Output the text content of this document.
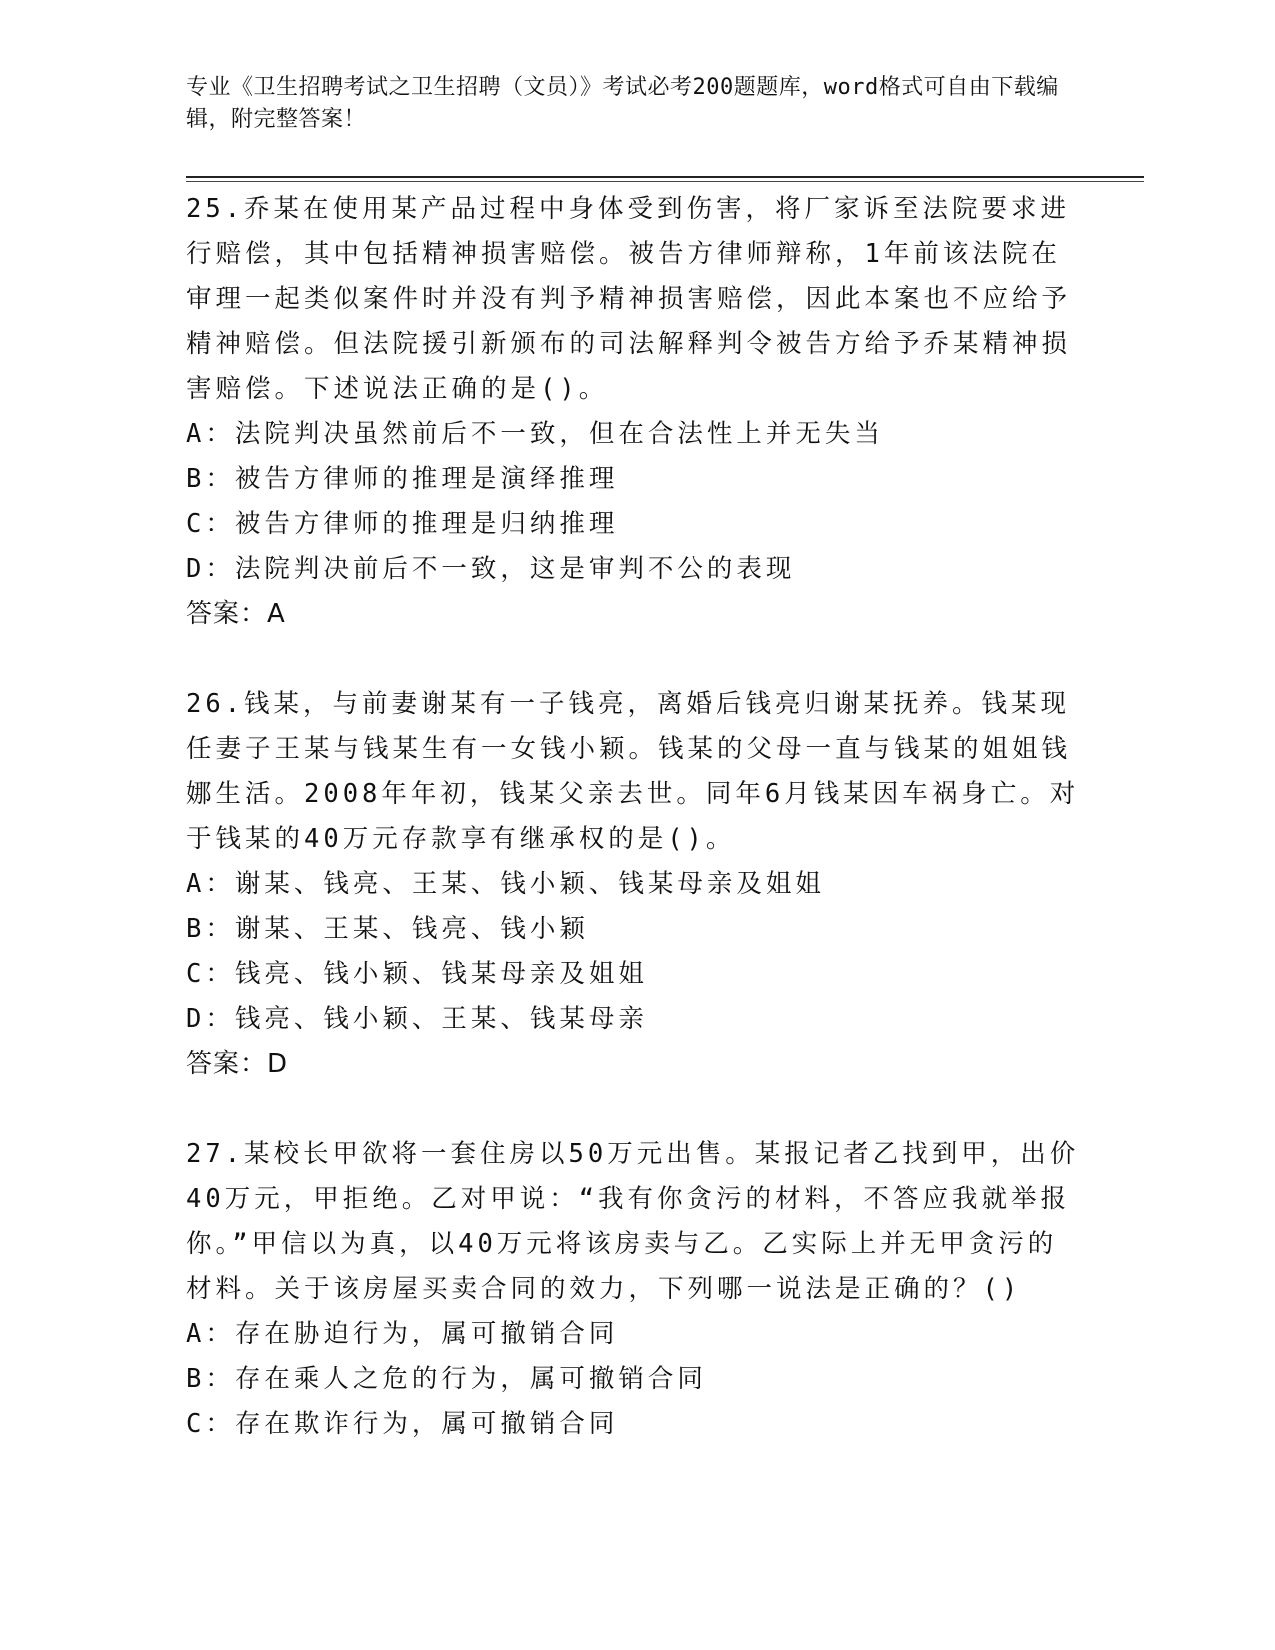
专业《卫生招聘考试之卫生招聘（文员）》考试必考200题题库，word格式可自由下载编辑，附完整答案！
25.乔某在使用某产品过程中身体受到伤害，将厂家诉至法院要求进行赔偿，其中包括精神损害赔偿。被告方律师辩称，1年前该法院在审理一起类似案件时并没有判予精神损害赔偿，因此本案也不应给予精神赔偿。但法院援引新颁布的司法解释判令被告方给予乔某精神损害赔偿。下述说法正确的是()。
A：法院判决虽然前后不一致，但在合法性上并无失当
B：被告方律师的推理是演绎推理
C：被告方律师的推理是归纳推理
D：法院判决前后不一致，这是审判不公的表现
答案：A
26.钱某，与前妻谢某有一子钱亮，离婚后钱亮归谢某抚养。钱某现任妻子王某与钱某生有一女钱小颖。钱某的父母一直与钱某的姐姐钱娜生活。2008年年初，钱某父亲去世。同年6月钱某因车祸身亡。对于钱某的40万元存款享有继承权的是()。
A：谢某、钱亮、王某、钱小颖、钱某母亲及姐姐
B：谢某、王某、钱亮、钱小颖
C：钱亮、钱小颖、钱某母亲及姐姐
D：钱亮、钱小颖、王某、钱某母亲
答案：D
27.某校长甲欲将一套住房以50万元出售。某报记者乙找到甲，出价40万元，甲拒绝。乙对甲说：“我有你贪污的材料，不答应我就举报你。”甲信以为真，以40万元将该房卖与乙。乙实际上并无甲贪污的材料。关于该房屋买卖合同的效力，下列哪一说法是正确的？()
A：存在胁迫行为，属可撤销合同
B：存在乘人之危的行为，属可撤销合同
C：存在欺诈行为，属可撤销合同
